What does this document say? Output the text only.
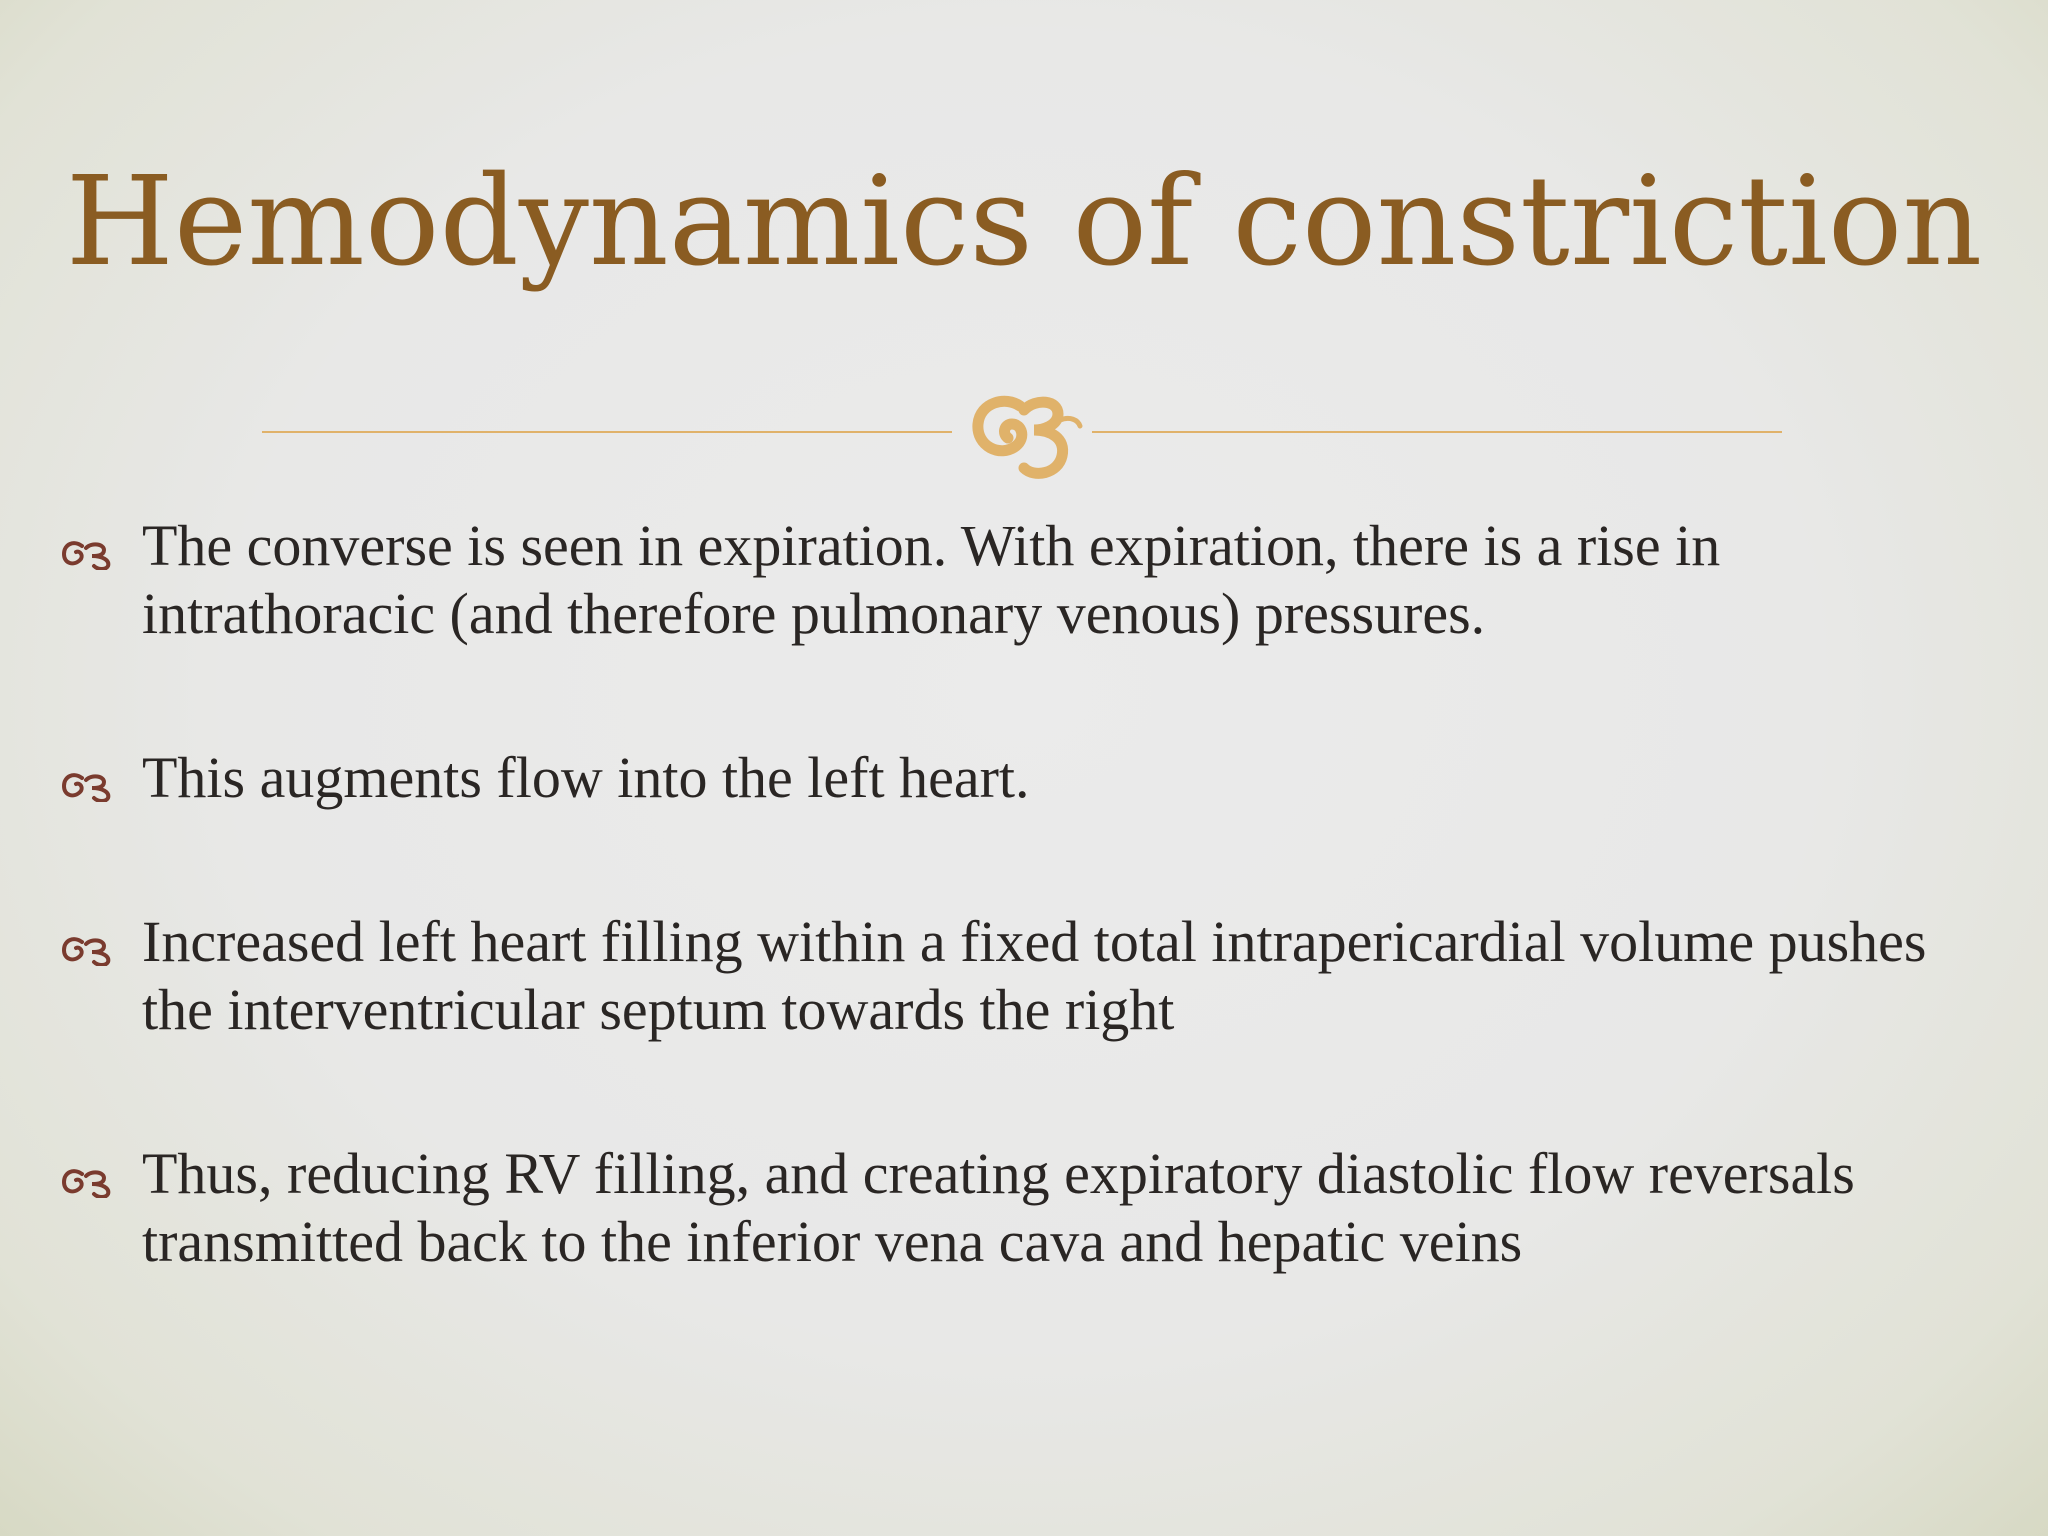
Hemodynamics of constriction
The converse is seen in expiration. With expiration, there is a rise in intrathoracic (and therefore pulmonary venous) pressures.
This augments flow into the left heart.
Increased left heart filling within a fixed total intrapericardial volume pushes the interventricular septum towards the right
Thus, reducing RV filling, and creating expiratory diastolic flow reversals transmitted back to the inferior vena cava and hepatic veins
